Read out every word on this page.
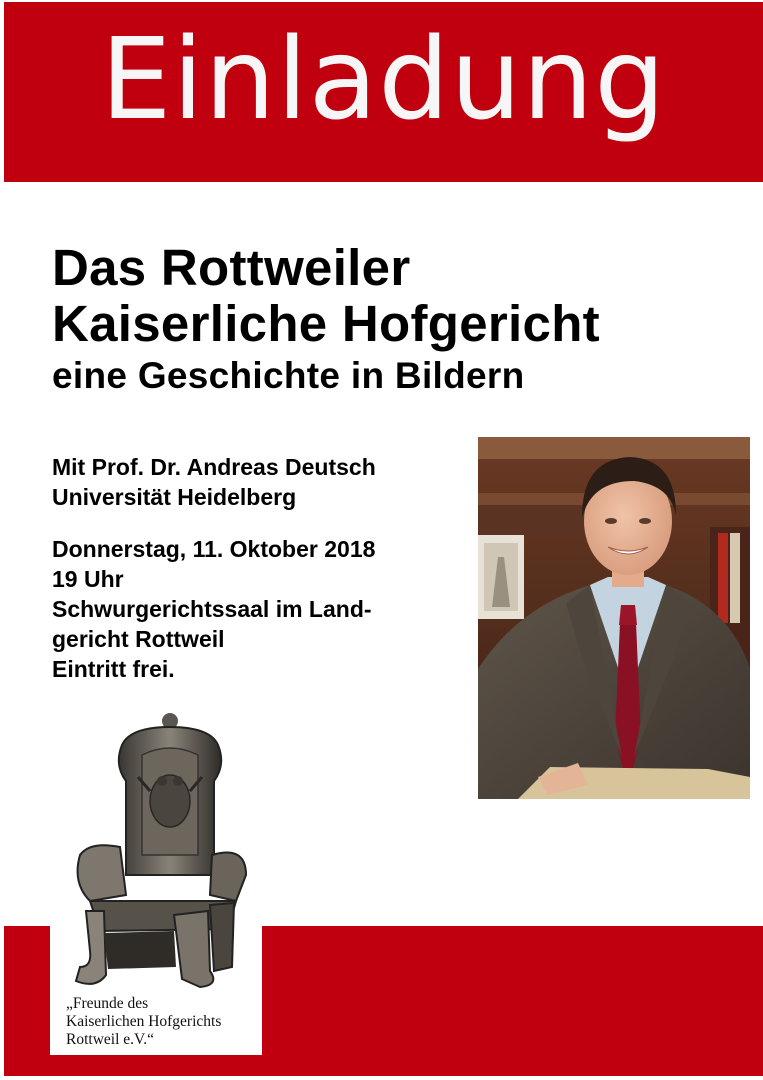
Einladung
Das Rottweiler
Kaiserliche Hofgericht
eine Geschichte in Bildern
Mit Prof. Dr. Andreas Deutsch
Universität Heidelberg
Donnerstag, 11. Oktober 2018
19 Uhr
Schwurgerichtssaal im Land-
gericht Rottweil
Eintritt frei.
„Freunde des
Kaiserlichen Hofgerichts
Rottweil e.V.“
